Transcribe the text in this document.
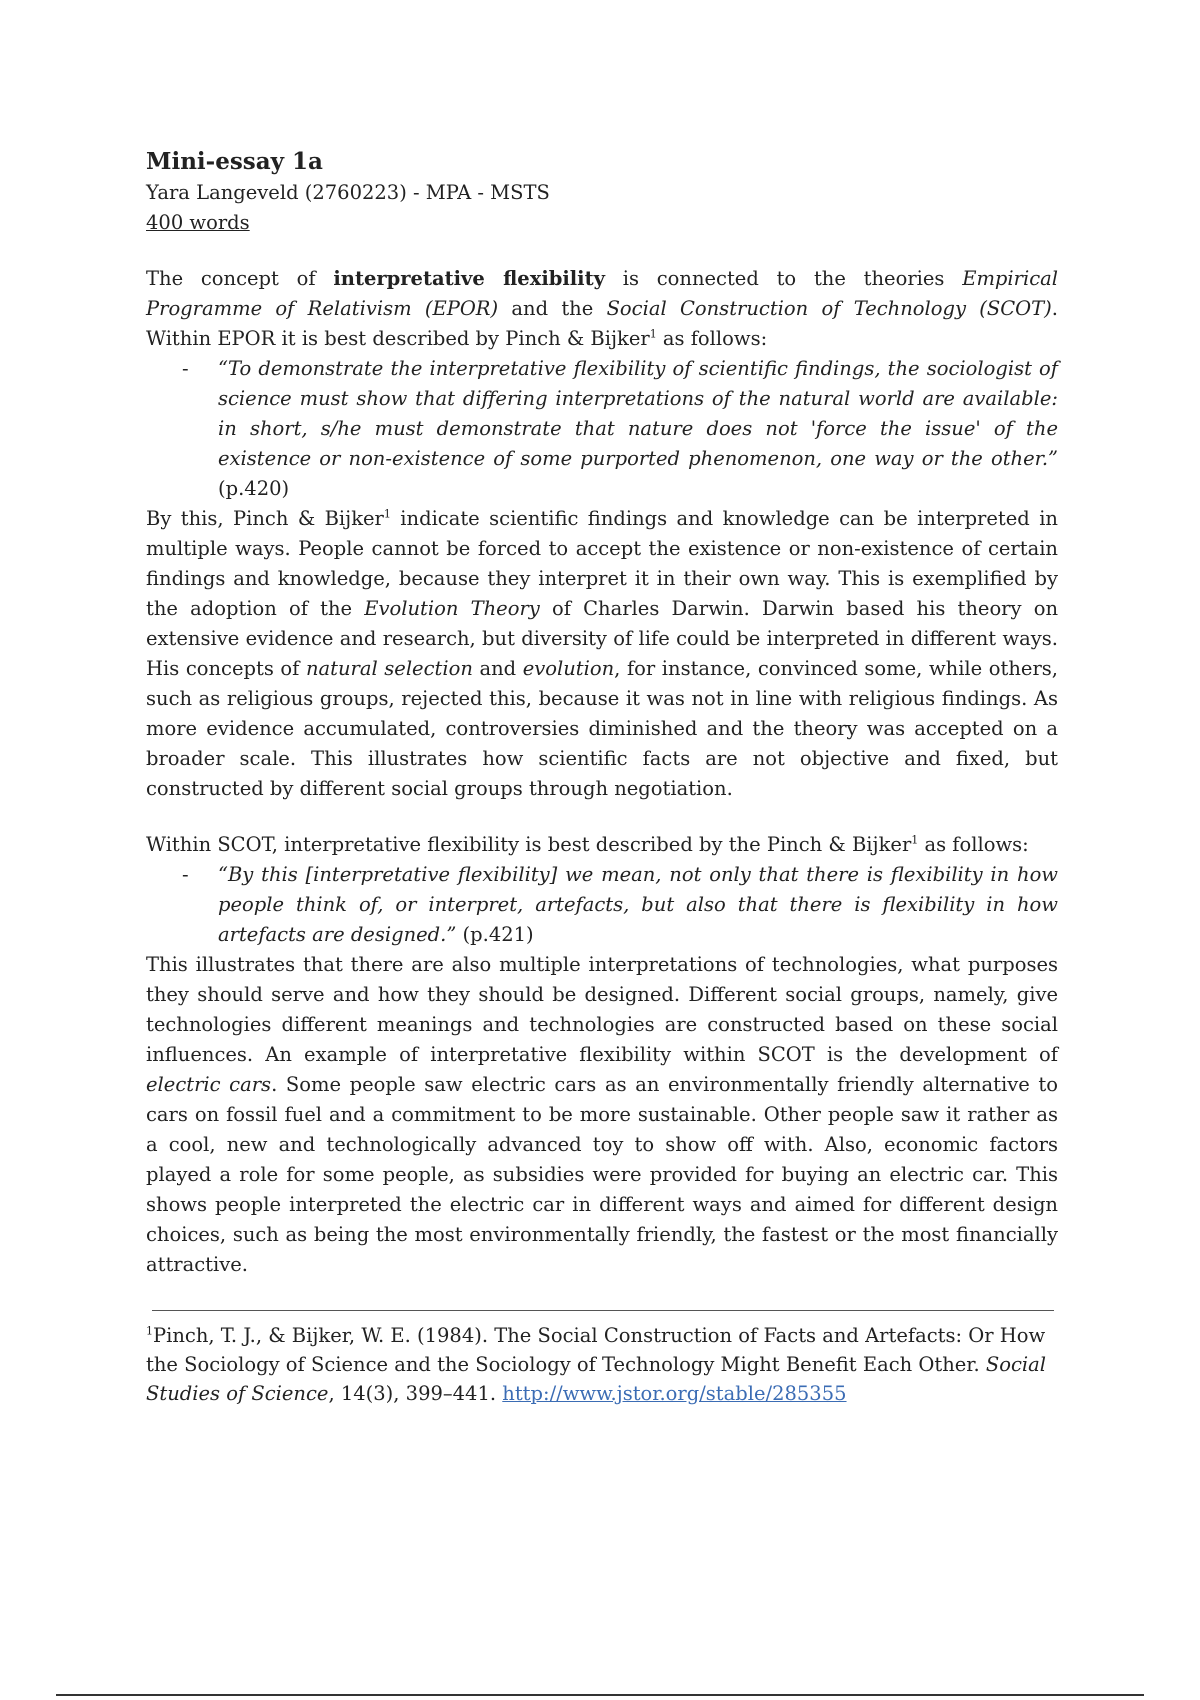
Mini-essay 1a

Yara Langeveld (2760223) - MPA - MSTS

400 words

The concept of interpretative flexibility is connected to the theories Empirical Programme of Relativism (EPOR) and the Social Construction of Technology (SCOT). Within EPOR it is best described by Pinch & Bijker$^1$ as follows:

- “To demonstrate the interpretative flexibility of scientific findings, the sociologist of science must show that differing interpretations of the natural world are available: in short, s/he must demonstrate that nature does not 'force the issue' of the existence or non-existence of some purported phenomenon, one way or the other.” (p.420)

By this, Pinch & Bijker$^1$ indicate scientific findings and knowledge can be interpreted in multiple ways. People cannot be forced to accept the existence or non-existence of certain findings and knowledge, because they interpret it in their own way. This is exemplified by the adoption of the Evolution Theory of Charles Darwin. Darwin based his theory on extensive evidence and research, but diversity of life could be interpreted in different ways. His concepts of natural selection and evolution, for instance, convinced some, while others, such as religious groups, rejected this, because it was not in line with religious findings. As more evidence accumulated, controversies diminished and the theory was accepted on a broader scale. This illustrates how scientific facts are not objective and fixed, but constructed by different social groups through negotiation.

Within SCOT, interpretative flexibility is best described by the Pinch & Bijker$^1$ as follows:

- “By this [interpretative flexibility] we mean, not only that there is flexibility in how people think of, or interpret, artefacts, but also that there is flexibility in how artefacts are designed.” (p.421)

This illustrates that there are also multiple interpretations of technologies, what purposes they should serve and how they should be designed. Different social groups, namely, give technologies different meanings and technologies are constructed based on these social influences. An example of interpretative flexibility within SCOT is the development of electric cars. Some people saw electric cars as an environmentally friendly alternative to cars on fossil fuel and a commitment to be more sustainable. Other people saw it rather as a cool, new and technologically advanced toy to show off with. Also, economic factors played a role for some people, as subsidies were provided for buying an electric car. This shows people interpreted the electric car in different ways and aimed for different design choices, such as being the most environmentally friendly, the fastest or the most financially attractive.

$^1$Pinch, T. J., & Bijker, W. E. (1984). The Social Construction of Facts and Artefacts: Or How the Sociology of Science and the Sociology of Technology Might Benefit Each Other. Social Studies of Science, 14(3), 399–441. http://www.jstor.org/stable/285355
